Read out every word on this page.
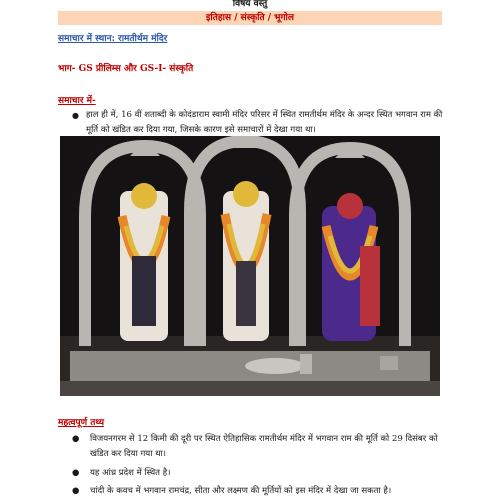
विषय वस्तु
इतिहास / संस्कृति / भूगोल
समाचार में स्थान: रामतीर्थम मंदिर
भाग- GS प्रीलिम्स और GS-I- संस्कृति
समाचार में-
● हाल ही में, 16 वीं शताब्दी के कोदंडाराम स्वामी मंदिर परिसर में स्थित रामतीर्थम मंदिर के अन्दर स्थित भगवान राम की मूर्ति को खंडित कर दिया गया, जिसके कारण इसे समाचारों में देखा गया था।
महत्वपूर्ण तथ्य
● विजयनगरम से 12 किमी की दूरी पर स्थित ऐतिहासिक रामतीर्थम मंदिर में भगवान राम की मूर्ति को 29 दिसंबर को खंडित कर दिया गया था।
● यह आंध्र प्रदेश में स्थित है।
● चांदी के कवच में भगवान रामचंद्र, सीता और लक्ष्मण की मूर्तियों को इस मंदिर में देखा जा सकता है।
